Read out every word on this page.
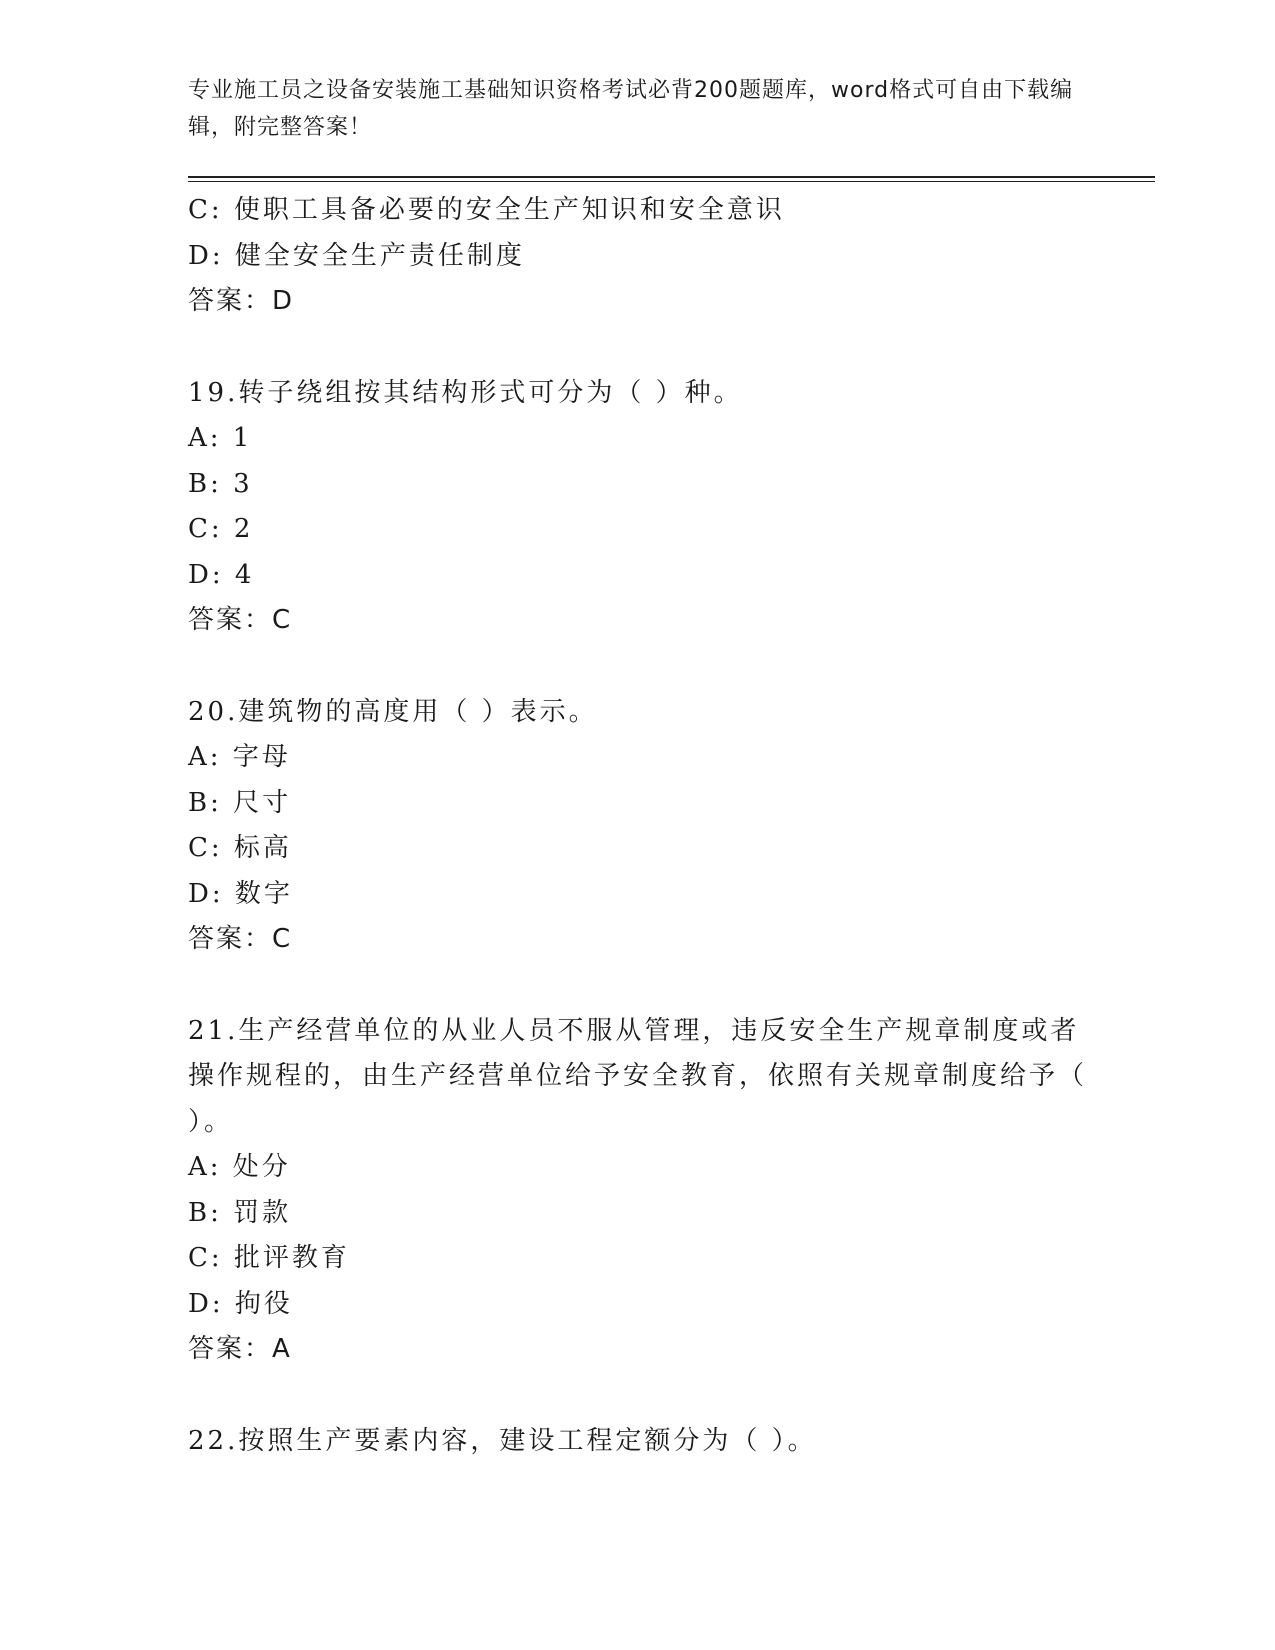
专业施工员之设备安装施工基础知识资格考试必背200题题库，word格式可自由下载编辑，附完整答案！
C: 使职工具备必要的安全生产知识和安全意识
D: 健全安全生产责任制度
答案：D
19.转子绕组按其结构形式可分为（ ）种。
A: 1
B: 3
C: 2
D: 4
答案：C
20.建筑物的高度用（ ）表示。
A: 字母
B: 尺寸
C: 标高
D: 数字
答案：C
21.生产经营单位的从业人员不服从管理，违反安全生产规章制度或者操作规程的，由生产经营单位给予安全教育，依照有关规章制度给予（ ）。
A: 处分
B: 罚款
C: 批评教育
D: 拘役
答案：A
22.按照生产要素内容，建设工程定额分为（ ）。
